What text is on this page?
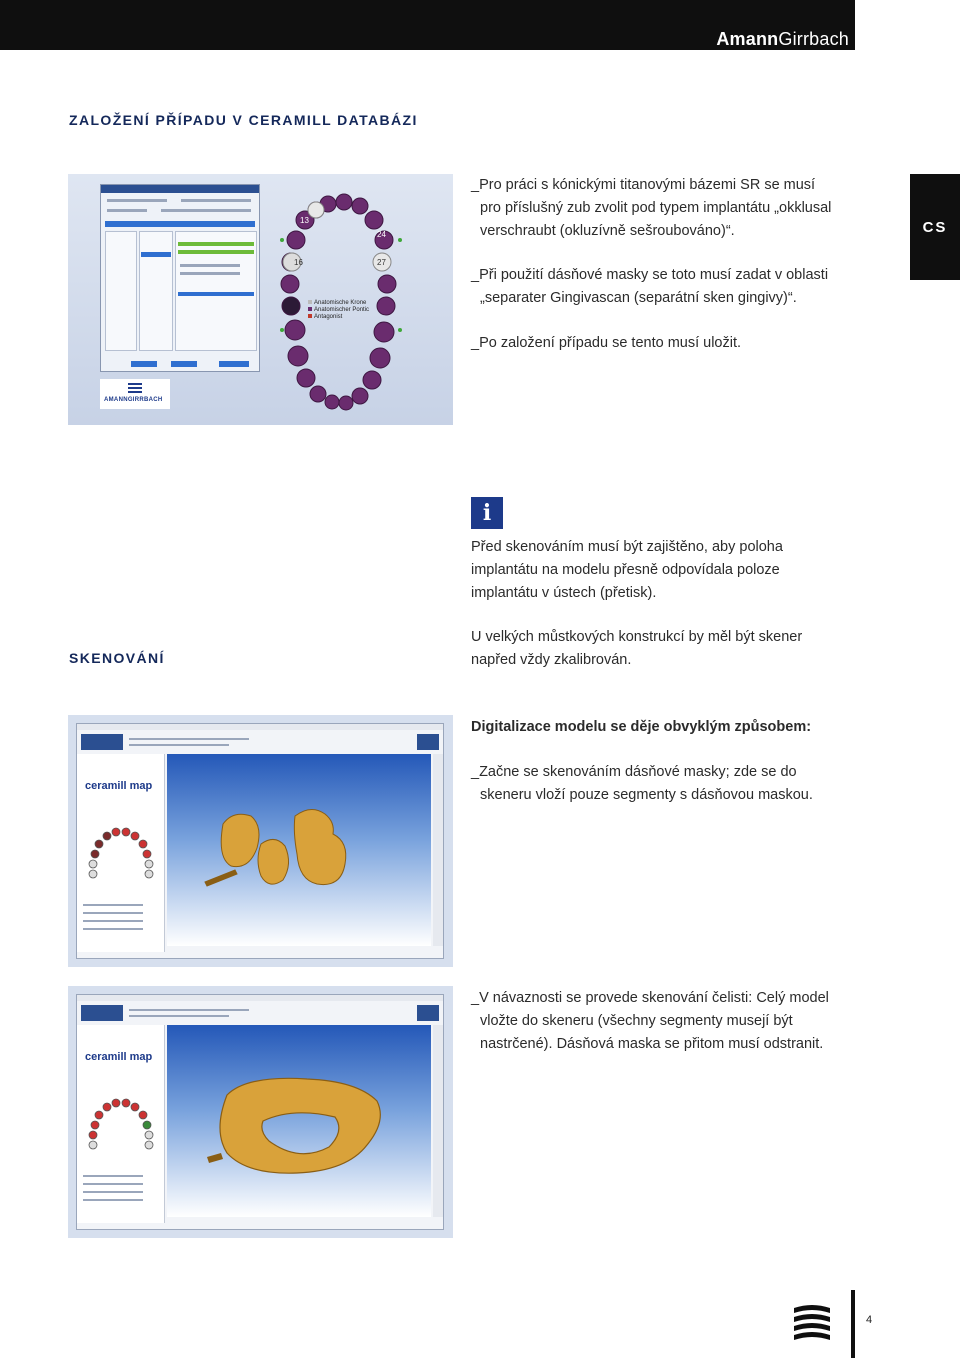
AmannGirrbach
ZALOŽENÍ PŘÍPADU V CERAMILL DATABÁZI
CS
13
24
16	27
Anatomische Krone
Anatomischer Pontic
Antagonist
AMANNGIRRBACH
_Pro práci s kónickými titanovými bázemi SR se musí

pro příslušný zub zvolit pod typem implantátu „okklusal
verschraubt (okluzívně sešroubováno)“.
_Při použití dásňové masky se toto musí zadat v oblasti

„separater Gingivascan (separátní sken gingivy)“.
_Po založení případu se tento musí uložit.
i
Před skenováním musí být zajištěno, aby poloha
implantátu na modelu přesně odpovídala poloze
implantátu v ústech (přetisk).
SKENOVÁNÍ
U velkých můstkových konstrukcí by měl být skener
napřed vždy zkalibrován.
ceramill map
Digitalizace modelu se děje obvyklým způsobem:
_Začne se skenováním dásňové masky; zde se do

skeneru vloží pouze segmenty s dásňovou maskou.
ceramill map
_V návaznosti se provede skenování čelisti: Celý model

vložte do skeneru (všechny segmenty musejí být
nastrčené). Dásňová maska se přitom musí odstranit.
4
